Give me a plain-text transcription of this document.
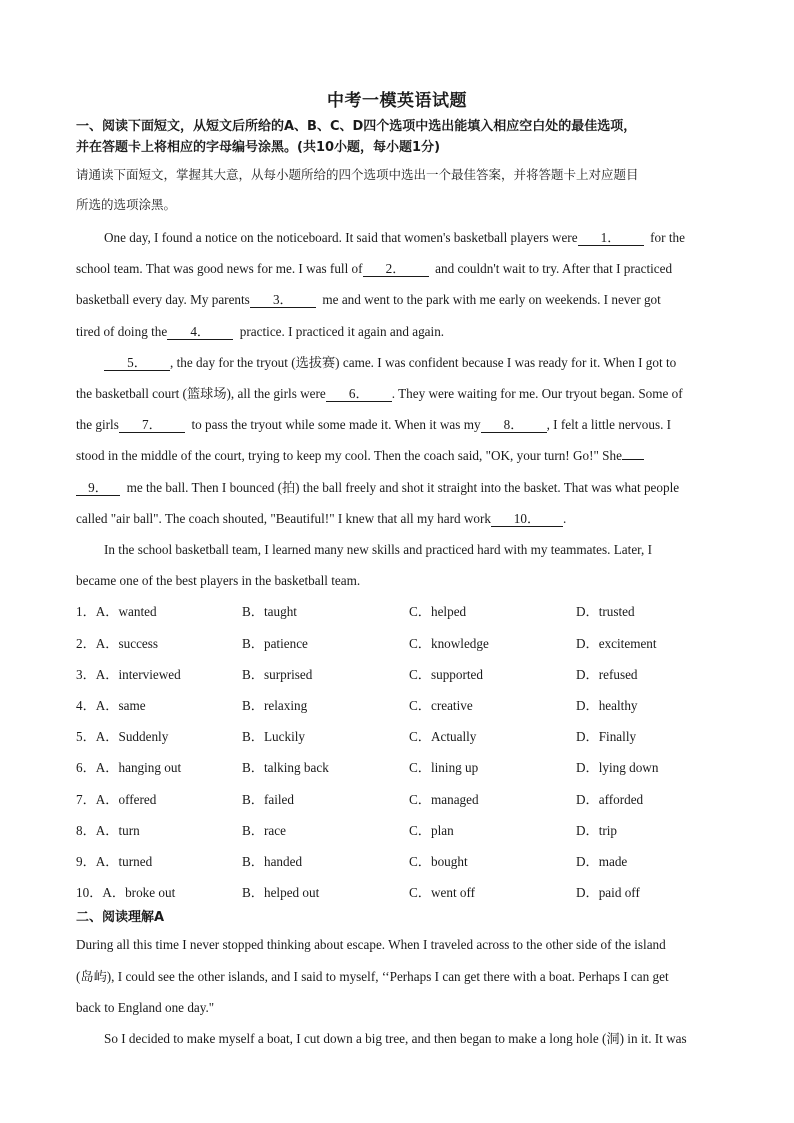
中考一模英语试题
一、阅读下面短文，从短文后所给的A、B、C、D四个选项中选出能填入相应空白处的最佳选项，
并在答题卡上将相应的字母编号涂黑。(共10小题，每小题1分)
请通读下面短文，掌握其大意，从每小题所给的四个选项中选出一个最佳答案，并将答题卡上对应题目
所选的选项涂黑。
One day, I found a notice on the noticeboard. It said that women's basketball players were 1． for the
school team. That was good news for me. I was full of 2． and couldn't wait to try. After that I practiced
basketball every day. My parents 3． me and went to the park with me early on weekends. I never got
tired of doing the 4． practice. I practiced it again and again.
5． , the day for the tryout (选拔赛) came. I was confident because I was ready for it. When I got to
the basketball court (篮球场), all the girls were 6． . They were waiting for me. Our tryout began. Some of
the girls 7． to pass the tryout while some made it. When it was my 8． , I felt a little nervous. I
stood in the middle of the court, trying to keep my cool. Then the coach said, "OK, your turn! Go!" She
9． me the ball. Then I bounced (拍) the ball freely and shot it straight into the basket. That was what people
called "air ball". The coach shouted, "Beautiful!" I knew that all my hard work 10． .
In the school basketball team, I learned many new skills and practiced hard with my teammates. Later, I
became one of the best players in the basketball team.
1．A．wanted	B．taught	C．helped	D．trusted
2．A．success	B．patience	C．knowledge	D．excitement
3．A．interviewed	B．surprised	C．supported	D．refused
4．A．same	B．relaxing	C．creative	D．healthy
5．A．Suddenly	B．Luckily	C．Actually	D．Finally
6．A．hanging out	B．talking back	C．lining up	D．lying down
7．A．offered	B．failed	C．managed	D．afforded
8．A．turn	B．race	C．plan	D．trip
9．A．turned	B．handed	C．bought	D．made
10．A．broke out	B．helped out	C．went off	D．paid off
二、阅读理解A
During all this time I never stopped thinking about escape. When I traveled across to the other side of the island
(岛屿), I could see the other islands, and I said to myself, ‘‘Perhaps I can get there with a boat. Perhaps I can get
back to England one day."
So I decided to make myself a boat, I cut down a big tree, and then began to make a long hole (洞) in it. It was
